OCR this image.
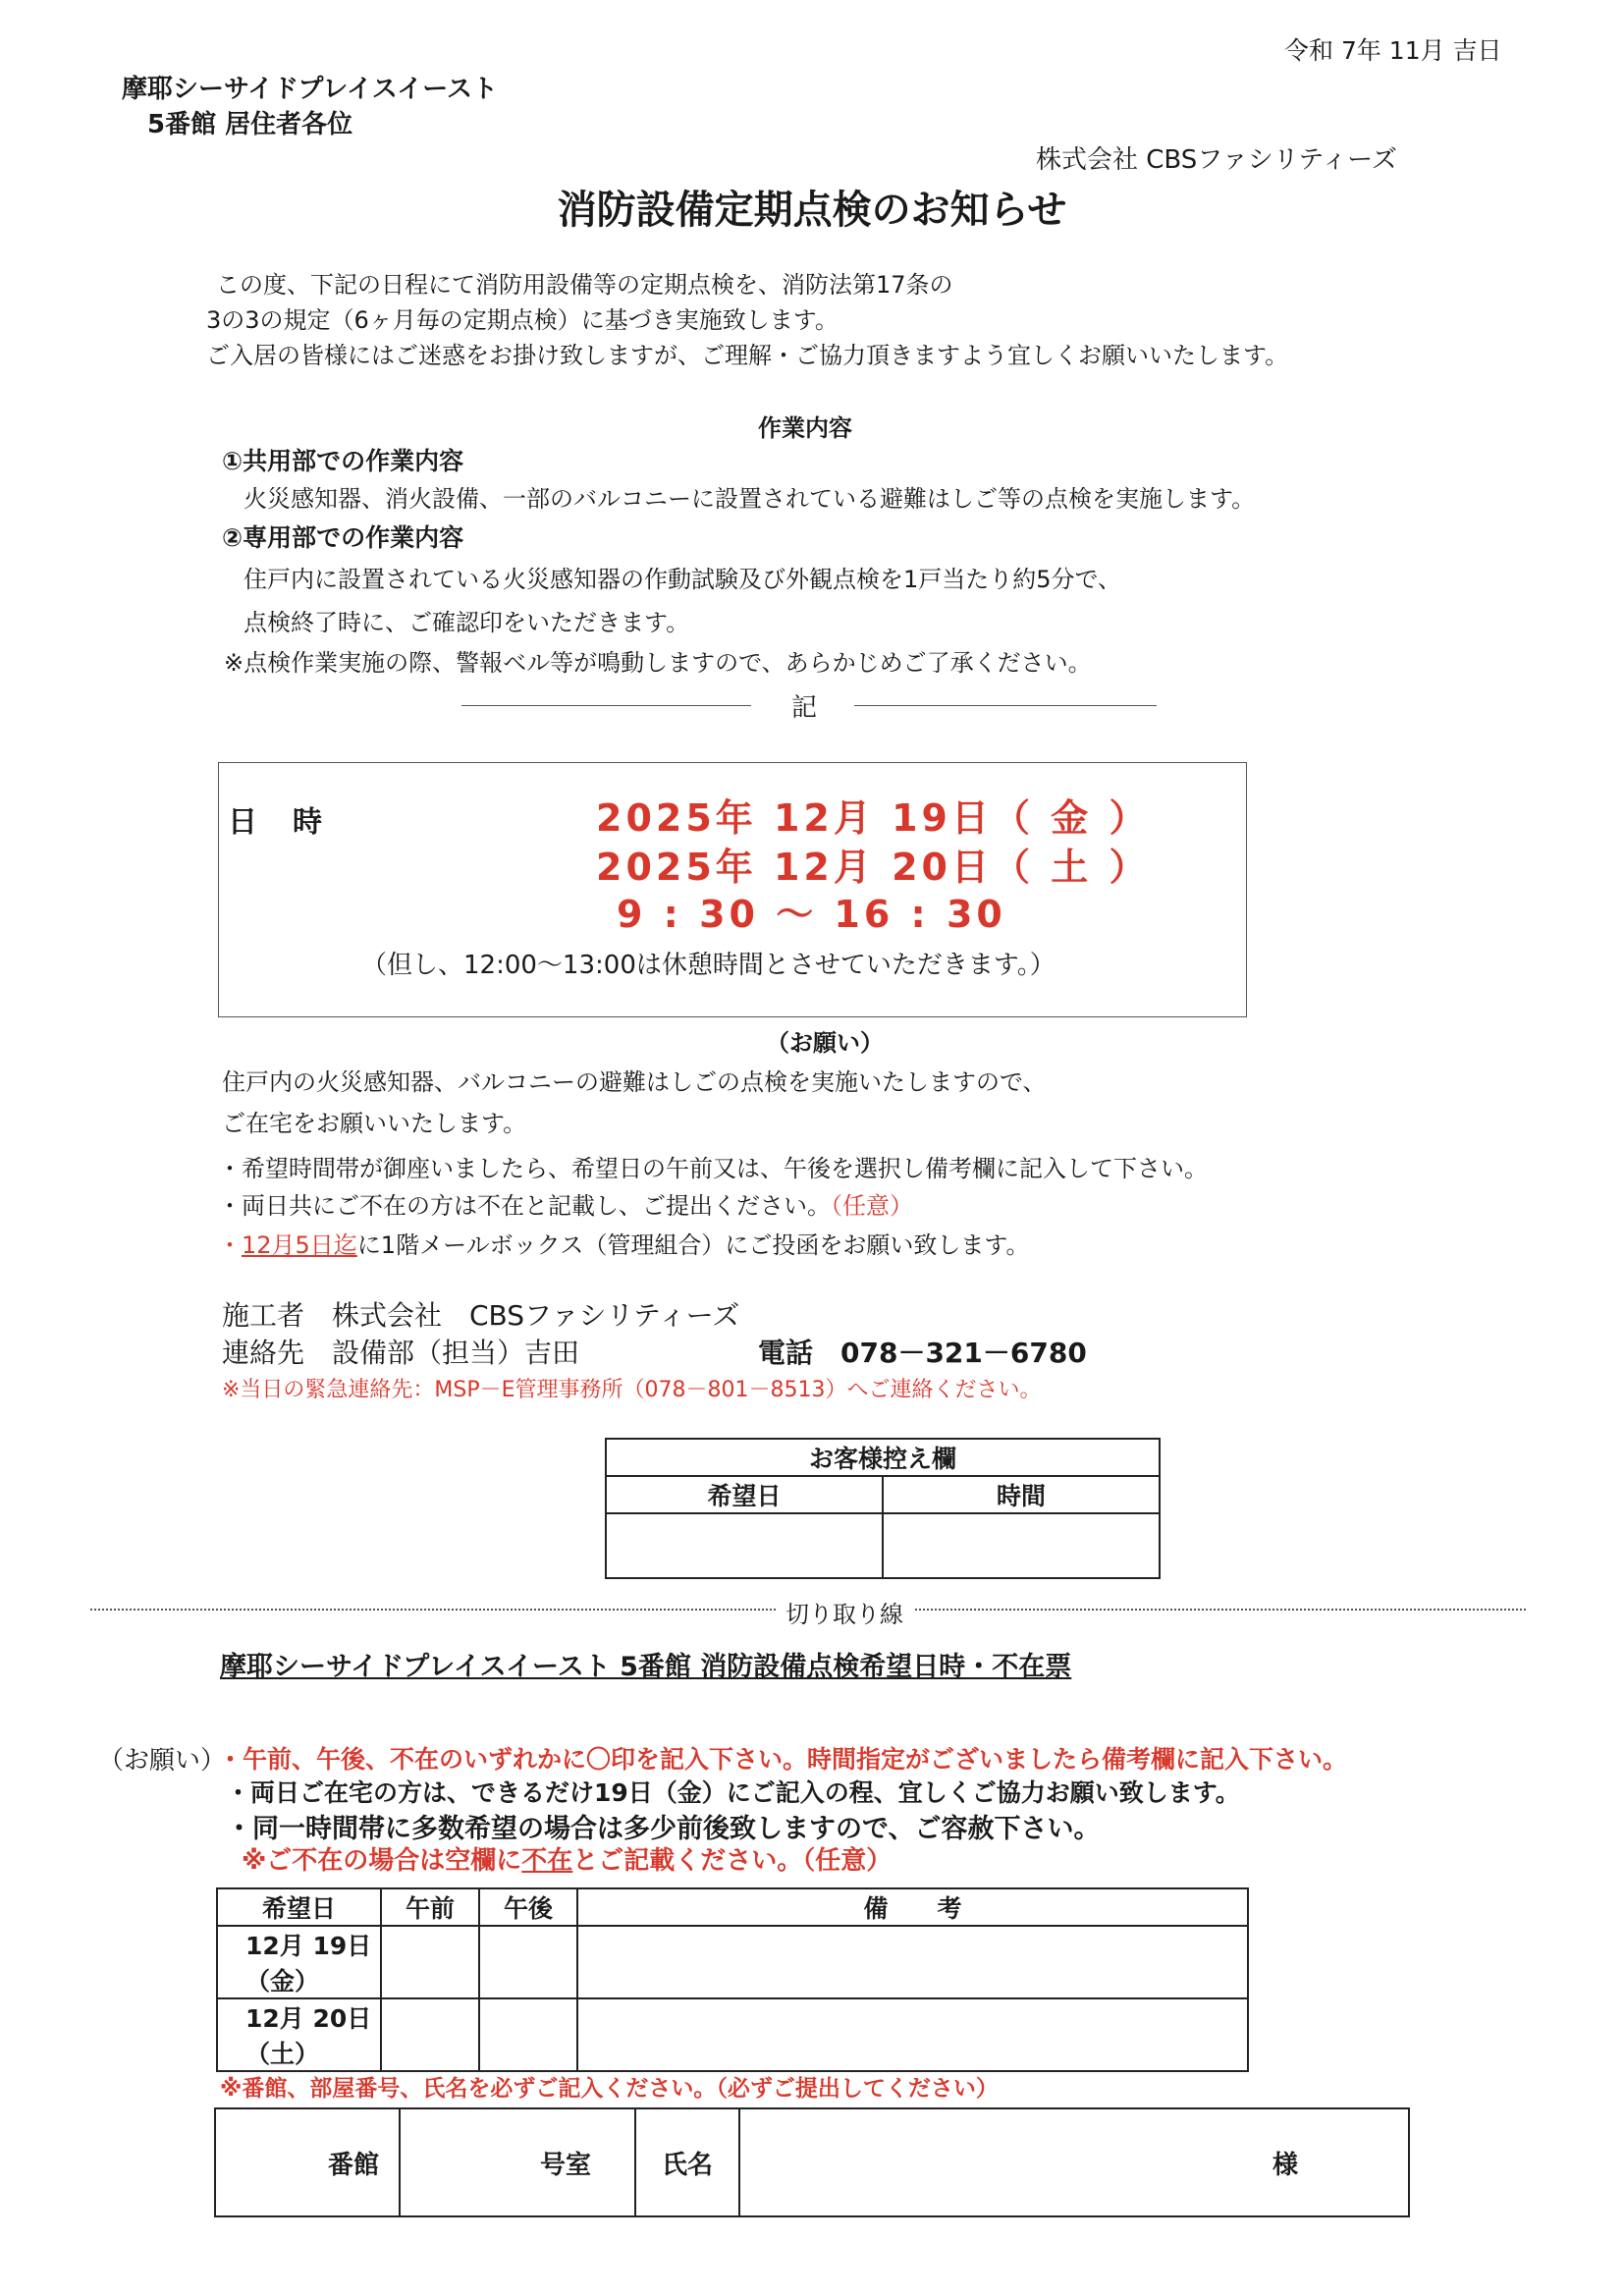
令和 7年 11月 吉日
摩耶シーサイドプレイスイースト
5番館 居住者各位
株式会社 CBSファシリティーズ
消防設備定期点検のお知らせ
この度、下記の日程にて消防用設備等の定期点検を、消防法第17条の
3の3の規定（6ヶ月毎の定期点検）に基づき実施致します。
ご入居の皆様にはご迷惑をお掛け致しますが、ご理解・ご協力頂きますよう宜しくお願いいたします。
作業内容
①共用部での作業内容
火災感知器、消火設備、一部のバルコニーに設置されている避難はしご等の点検を実施します。
②専用部での作業内容
住戸内に設置されている火災感知器の作動試験及び外観点検を1戸当たり約5分で、
点検終了時に、ご確認印をいただきます。
※点検作業実施の際、警報ベル等が鳴動しますので、あらかじめご了承ください。
記
日時	2025年 12月 19日（ 金 ）
2025年 12月 20日（ 土 ）
9 : 30 〜 16 : 30
（但し、12:00〜13:00は休憩時間とさせていただきます。）
（お願い）
住戸内の火災感知器、バルコニーの避難はしごの点検を実施いたしますので、
ご在宅をお願いいたします。
・希望時間帯が御座いましたら、希望日の午前又は、午後を選択し備考欄に記入して下さい。
・両日共にご不在の方は不在と記載し、ご提出ください。（任意）
・12月5日迄に1階メールボックス（管理組合）にご投函をお願い致します。
施工者　株式会社　CBSファシリティーズ
連絡先　設備部（担当）吉田	電話　078－321－6780
※当日の緊急連絡先：MSP－E管理事務所（078－801－8513）へご連絡ください。
お客様控え欄	
希望日	時間

切り取り線
摩耶シーサイドプレイスイースト 5番館 消防設備点検希望日時・不在票
（お願い）
・午前、午後、不在のいずれかに〇印を記入下さい。時間指定がございましたら備考欄に記入下さい。
・両日ご在宅の方は、できるだけ19日（金）にご記入の程、宜しくご協力お願い致します。
・同一時間帯に多数希望の場合は多少前後致しますので、ご容赦下さい。
※ご不在の場合は空欄に不在とご記載ください。（任意）
希望日	午前	午後	備　　考
12月 19日（金）			
12月 20日（土）			
※番館、部屋番号、氏名を必ずご記入ください。（必ずご提出してください）
番館	号室	氏名	様
